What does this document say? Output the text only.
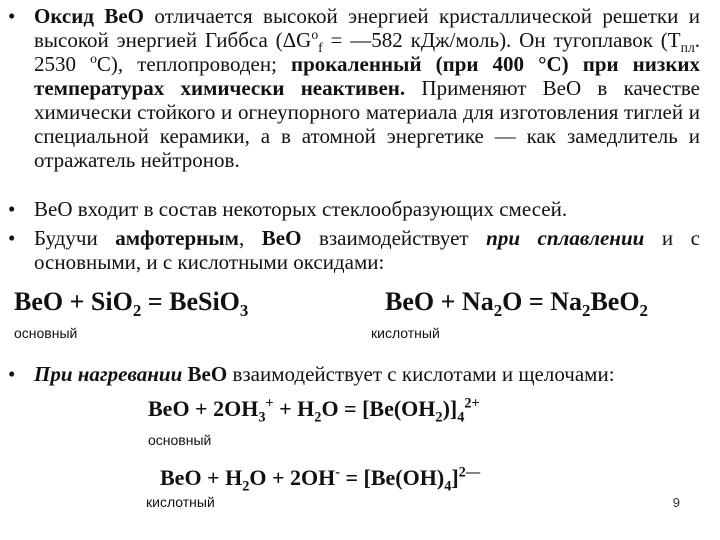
• Оксид BeO отличается высокой энергией кристаллической решетки и высокой энергией Гиббса ($\Delta G^o_f = --582$ кДж/моль). Он тугоплавок ($Т_{пл}$. 2530 $^o$С), теплопроводен; прокаленный (при 400 °С) при низких температурах химически неактивен. Применяют BeO в качестве химически стойкого и огнеупорного материала для изготовления тиглей и специальной керамики, а в атомной энергетике — как замедлитель и отражатель нейтронов.
• BeO входит в состав некоторых стеклообразующих смесей.
• Будучи амфотерным, BeO взаимодействует при сплавлении и с основными, и с кислотными оксидами:
BeO + SiO$_2$ = BeSiO$_3$
основный
BeO + $Na_2O = Na_2BeO_2$
кислотный
• При нагревании BeO взаимодействует с кислотами и щелочами:
BeO + $2OH_3^+ + H_2O = [Be(OH_2)]_4^{2+}$
основный
BeO + $H_2O + 2OH^- = [Be(OH)_4]^{2—}$
кислотный	9
